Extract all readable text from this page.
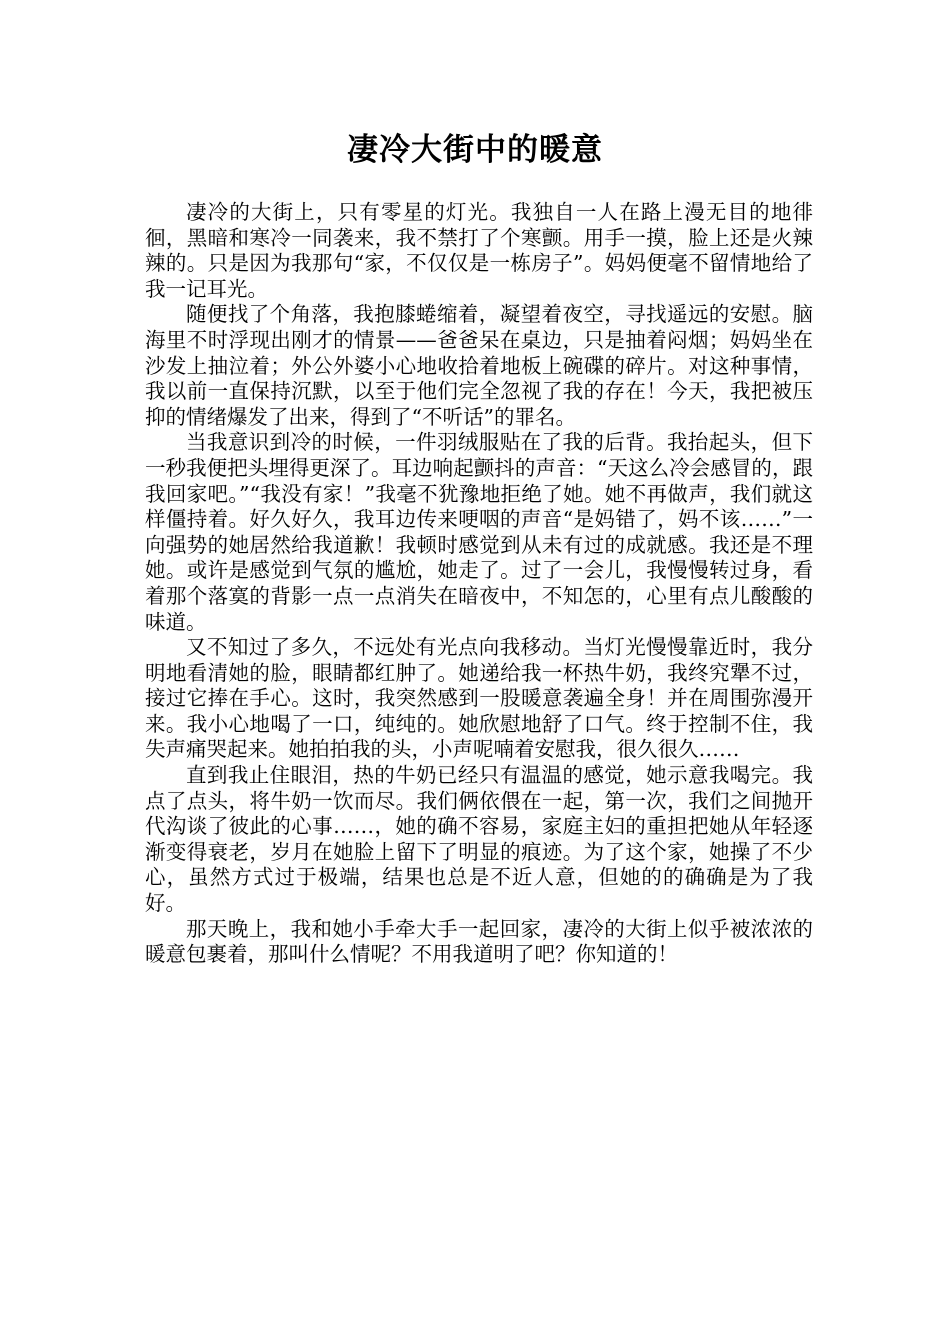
凄冷大街中的暖意

凄冷的大街上，只有零星的灯光。我独自一人在路上漫无目的地徘徊，黑暗和寒冷一同袭来，我不禁打了个寒颤。用手一摸，脸上还是火辣辣的。只是因为我那句“家，不仅仅是一栋房子”。妈妈便毫不留情地给了我一记耳光。

随便找了个角落，我抱膝蜷缩着，凝望着夜空，寻找遥远的安慰。脑海里不时浮现出刚才的情景——爸爸呆在桌边，只是抽着闷烟；妈妈坐在沙发上抽泣着；外公外婆小心地收拾着地板上碗碟的碎片。对这种事情，我以前一直保持沉默，以至于他们完全忽视了我的存在！今天，我把被压抑的情绪爆发了出来，得到了“不听话”的罪名。

当我意识到冷的时候，一件羽绒服贴在了我的后背。我抬起头，但下一秒我便把头埋得更深了。耳边响起颤抖的声音：“天这么冷会感冒的，跟我回家吧。”“我没有家！”我毫不犹豫地拒绝了她。她不再做声，我们就这样僵持着。好久好久，我耳边传来哽咽的声音“是妈错了，妈不该……”一向强势的她居然给我道歉！我顿时感觉到从未有过的成就感。我还是不理她。或许是感觉到气氛的尴尬，她走了。过了一会儿，我慢慢转过身，看着那个落寞的背影一点一点消失在暗夜中，不知怎的，心里有点儿酸酸的味道。

又不知过了多久，不远处有光点向我移动。当灯光慢慢靠近时，我分明地看清她的脸，眼睛都红肿了。她递给我一杯热牛奶，我终究犟不过，接过它捧在手心。这时，我突然感到一股暖意袭遍全身！并在周围弥漫开来。我小心地喝了一口，纯纯的。她欣慰地舒了口气。终于控制不住，我失声痛哭起来。她拍拍我的头，小声呢喃着安慰我，很久很久……

直到我止住眼泪，热的牛奶已经只有温温的感觉，她示意我喝完。我点了点头，将牛奶一饮而尽。我们俩依偎在一起，第一次，我们之间抛开代沟谈了彼此的心事……，她的确不容易，家庭主妇的重担把她从年轻逐渐变得衰老，岁月在她脸上留下了明显的痕迹。为了这个家，她操了不少心，虽然方式过于极端，结果也总是不近人意，但她的的确确是为了我好。

那天晚上，我和她小手牵大手一起回家，凄冷的大街上似乎被浓浓的暖意包裹着，那叫什么情呢？不用我道明了吧？你知道的！
